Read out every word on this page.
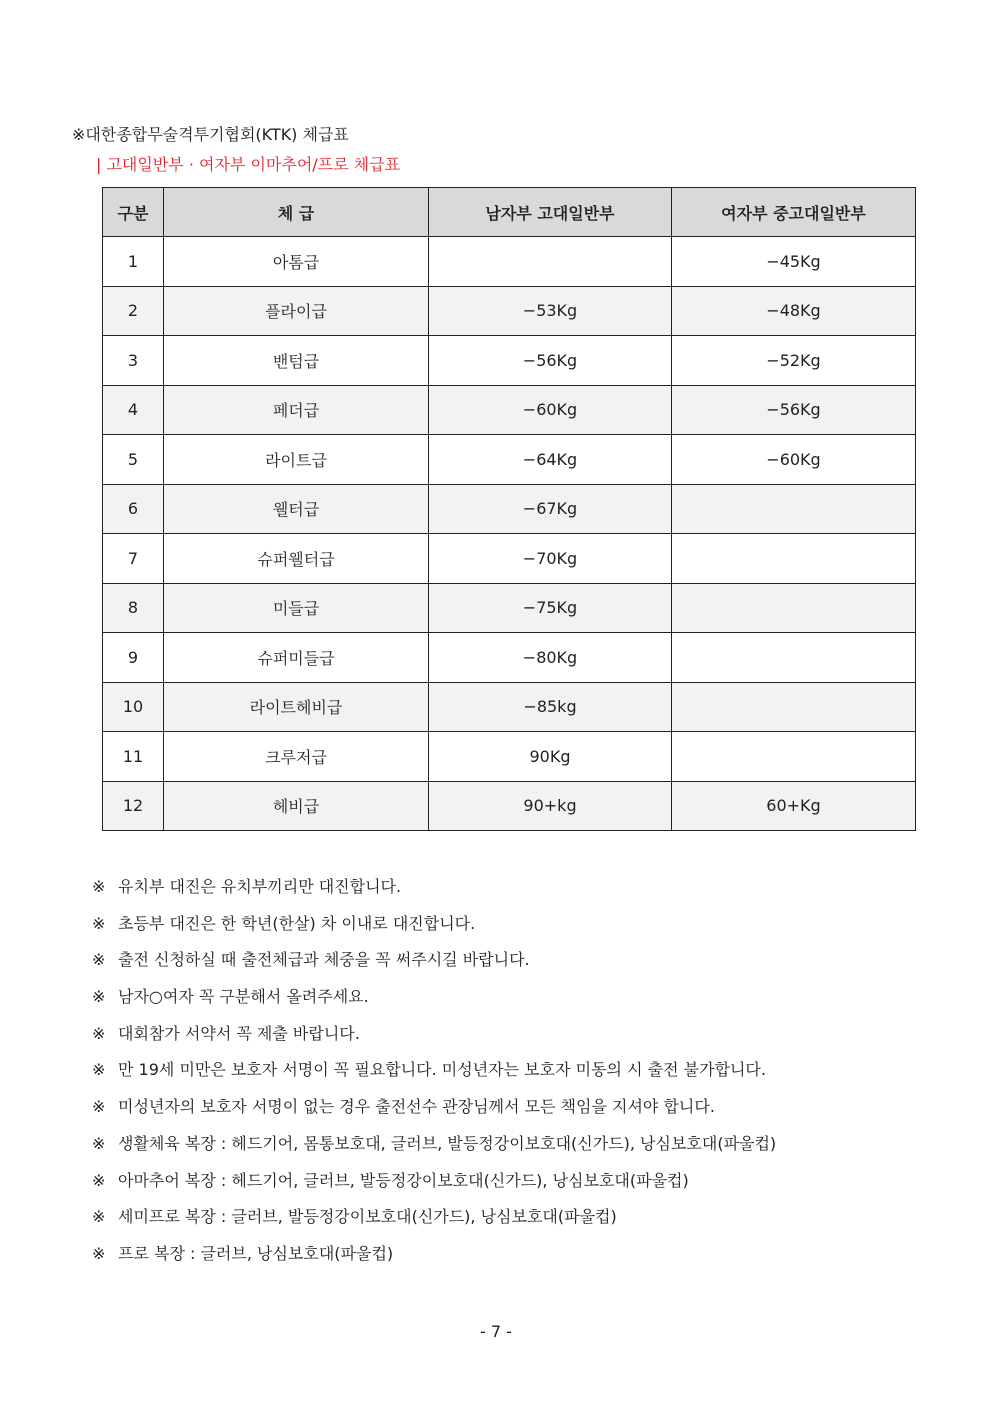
※대한종합무술격투기협회(KTK) 체급표
| 고대일반부 · 여자부 이마추어/프로 체급표
구분	체 급	남자부 고대일반부	여자부 중고대일반부
1	아톰급		−45Kg
2	플라이급	−53Kg	−48Kg
3	밴텀급	−56Kg	−52Kg
4	페더급	−60Kg	−56Kg
5	라이트급	−64Kg	−60Kg
6	웰터급	−67Kg	
7	슈퍼웰터급	−70Kg	
8	미들급	−75Kg	
9	슈퍼미들급	−80Kg	
10	라이트헤비급	−85kg	
11	크루저급	90Kg	
12	헤비급	90+kg	60+Kg
※ 유치부 대진은 유치부끼리만 대진합니다.
※ 초등부 대진은 한 학년(한살) 차 이내로 대진합니다.
※ 출전 신청하실 때 출전체급과 체중을 꼭 써주시길 바랍니다.
※ 남자○여자 꼭 구분해서 올려주세요.
※ 대회참가 서약서 꼭 제출 바랍니다.
※ 만 19세 미만은 보호자 서명이 꼭 필요합니다. 미성년자는 보호자 미동의 시 출전 불가합니다.
※ 미성년자의 보호자 서명이 없는 경우 출전선수 관장님께서 모든 책임을 지셔야 합니다.
※ 생활체육 복장 : 헤드기어, 몸통보호대, 글러브, 발등정강이보호대(신가드), 낭심보호대(파울컵)
※ 아마추어 복장 : 헤드기어, 글러브, 발등정강이보호대(신가드), 낭심보호대(파울컵)
※ 세미프로 복장 : 글러브, 발등정강이보호대(신가드), 낭심보호대(파울컵)
※ 프로 복장 : 글러브, 낭심보호대(파울컵)
- 7 -
